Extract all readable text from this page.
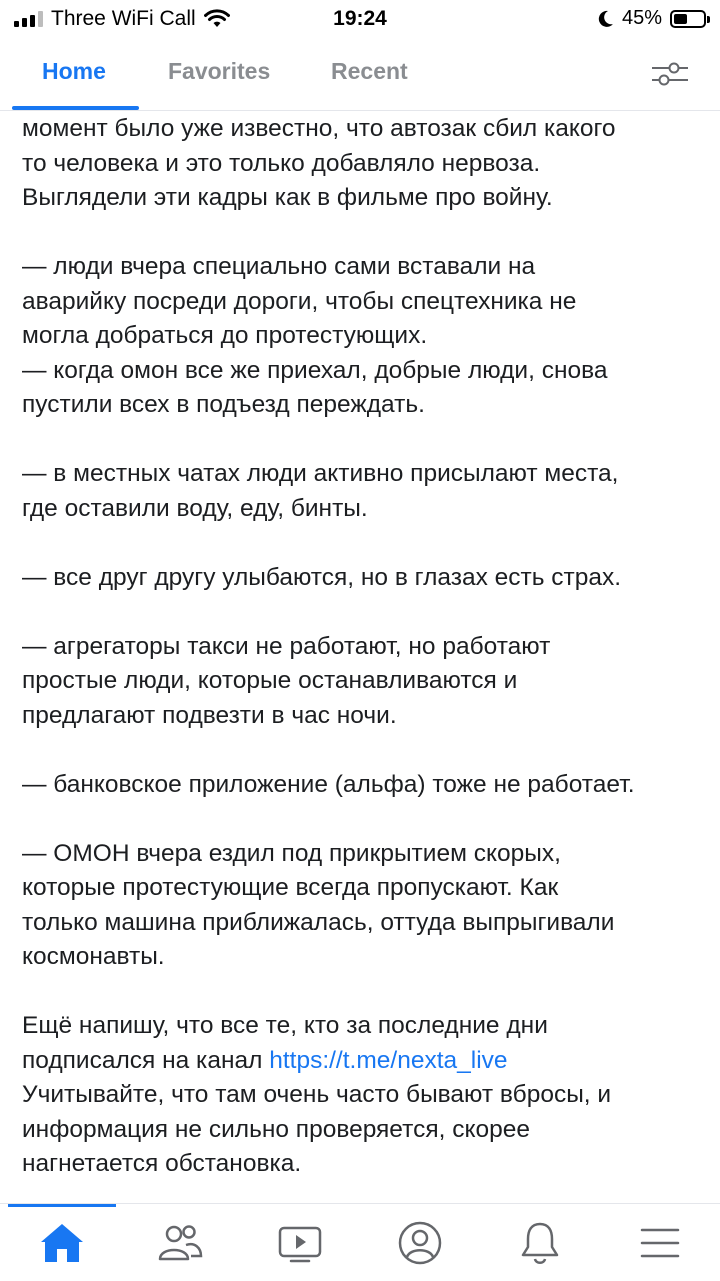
Three WiFi Call	19:24	45%
Home	Favorites	Recent

момент было уже известно, что автозак сбил какого
то человека и это только добавляло нервоза.
Выглядели эти кадры как в фильме про войну.

— люди вчера специально сами вставали на
аварийку посреди дороги, чтобы спецтехника не
могла добраться до протестующих.
— когда омон все же приехал, добрые люди, снова
пустили всех в подъезд переждать.

— в местных чатах люди активно присылают места,
где оставили воду, еду, бинты.

— все друг другу улыбаются, но в глазах есть страх.

— агрегаторы такси не работают, но работают
простые люди, которые останавливаются и
предлагают подвезти в час ночи.

— банковское приложение (альфа) тоже не работает.

— ОМОН вчера ездил под прикрытием скорых,
которые протестующие всегда пропускают. Как
только машина приближалась, оттуда выпрыгивали
космонавты.

Ещё напишу, что все те, кто за последние дни
подписался на канал https://t.me/nexta_live
Учитывайте, что там очень часто бывают вбросы, и
информация не сильно проверяется, скорее
нагнетается обстановка.
